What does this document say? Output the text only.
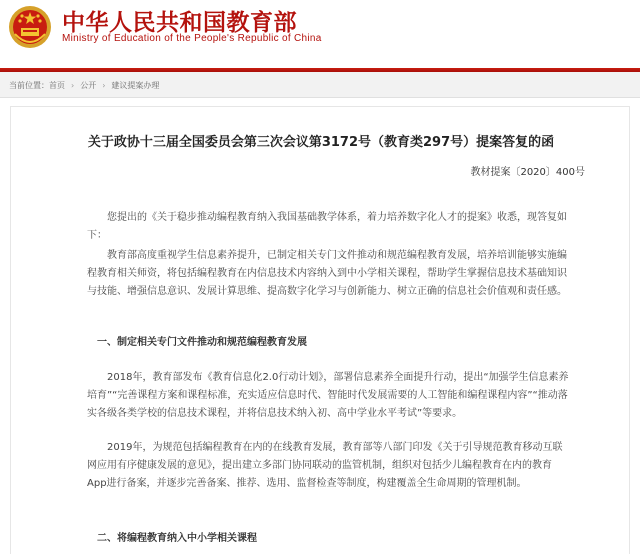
中华人民共和国教育部
Ministry of Education of the People's Republic of China
当前位置： 首页 › 公开 › 建议提案办理
关于政协十三届全国委员会第三次会议第3172号（教育类297号）提案答复的函
教材提案〔2020〕400号
您提出的《关于稳步推动编程教育纳入我国基础教学体系，着力培养数字化人才的提案》收悉，现答复如下：
教育部高度重视学生信息素养提升，已制定相关专门文件推动和规范编程教育发展，培养培训能够实施编程教育相关师资，将包括编程教育在内信息技术内容纳入到中小学相关课程，帮助学生掌握信息技术基础知识与技能、增强信息意识、发展计算思维、提高数字化学习与创新能力、树立正确的信息社会价值观和责任感。
一、制定相关专门文件推动和规范编程教育发展
2018年，教育部发布《教育信息化2.0行动计划》，部署信息素养全面提升行动，提出“加强学生信息素养培育”“完善课程方案和课程标准，充实适应信息时代、智能时代发展需要的人工智能和编程课程内容”“推动落实各级各类学校的信息技术课程，并将信息技术纳入初、高中学业水平考试”等要求。
2019年，为规范包括编程教育在内的在线教育发展，教育部等八部门印发《关于引导规范教育移动互联网应用有序健康发展的意见》，提出建立多部门协同联动的监管机制，组织对包括少儿编程教育在内的教育App进行备案，并逐步完善备案、推荐、选用、监督检查等制度，构建覆盖全生命周期的管理机制。
二、将编程教育纳入中小学相关课程
